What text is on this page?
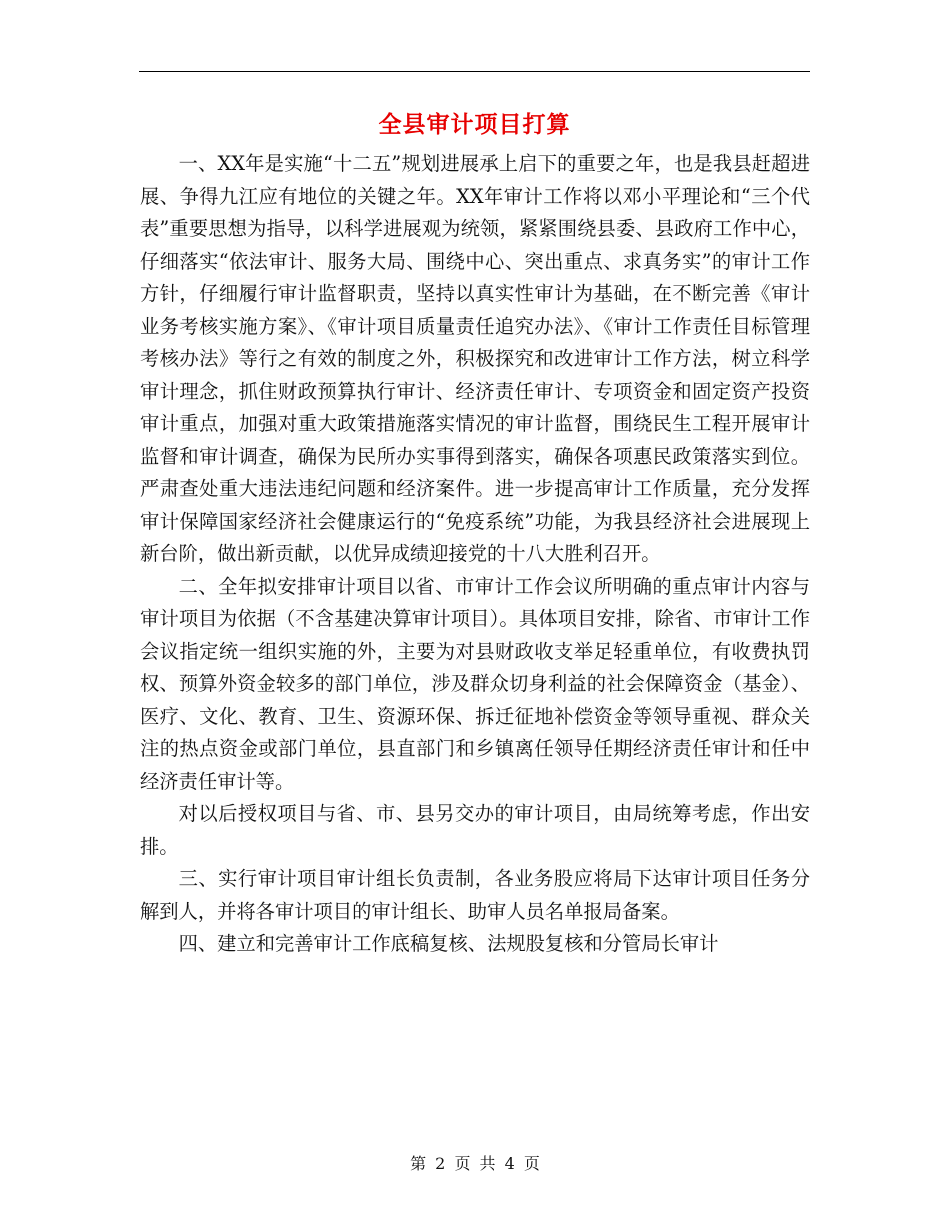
全县审计项目打算

一、XX年是实施“十二五”规划进展承上启下的重要之年，也是我县赶超进展、争得九江应有地位的关键之年。XX年审计工作将以邓小平理论和“三个代表”重要思想为指导，以科学进展观为统领，紧紧围绕县委、县政府工作中心，仔细落实“依法审计、服务大局、围绕中心、突出重点、求真务实”的审计工作方针，仔细履行审计监督职责，坚持以真实性审计为基础，在不断完善《审计业务考核实施方案》、《审计项目质量责任追究办法》、《审计工作责任目标管理考核办法》等行之有效的制度之外，积极探究和改进审计工作方法，树立科学审计理念，抓住财政预算执行审计、经济责任审计、专项资金和固定资产投资审计重点，加强对重大政策措施落实情况的审计监督，围绕民生工程开展审计监督和审计调查，确保为民所办实事得到落实，确保各项惠民政策落实到位。严肃查处重大违法违纪问题和经济案件。进一步提高审计工作质量，充分发挥审计保障国家经济社会健康运行的“免疫系统”功能，为我县经济社会进展现上新台阶，做出新贡献，以优异成绩迎接党的十八大胜利召开。

二、全年拟安排审计项目以省、市审计工作会议所明确的重点审计内容与审计项目为依据（不含基建决算审计项目）。具体项目安排，除省、市审计工作会议指定统一组织实施的外，主要为对县财政收支举足轻重单位，有收费执罚权、预算外资金较多的部门单位，涉及群众切身利益的社会保障资金（基金）、医疗、文化、教育、卫生、资源环保、拆迁征地补偿资金等领导重视、群众关注的热点资金或部门单位，县直部门和乡镇离任领导任期经济责任审计和任中经济责任审计等。

对以后授权项目与省、市、县另交办的审计项目，由局统筹考虑，作出安排。

三、实行审计项目审计组长负责制，各业务股应将局下达审计项目任务分解到人，并将各审计项目的审计组长、助审人员名单报局备案。

四、建立和完善审计工作底稿复核、法规股复核和分管局长审计

第 2 页 共 4 页
